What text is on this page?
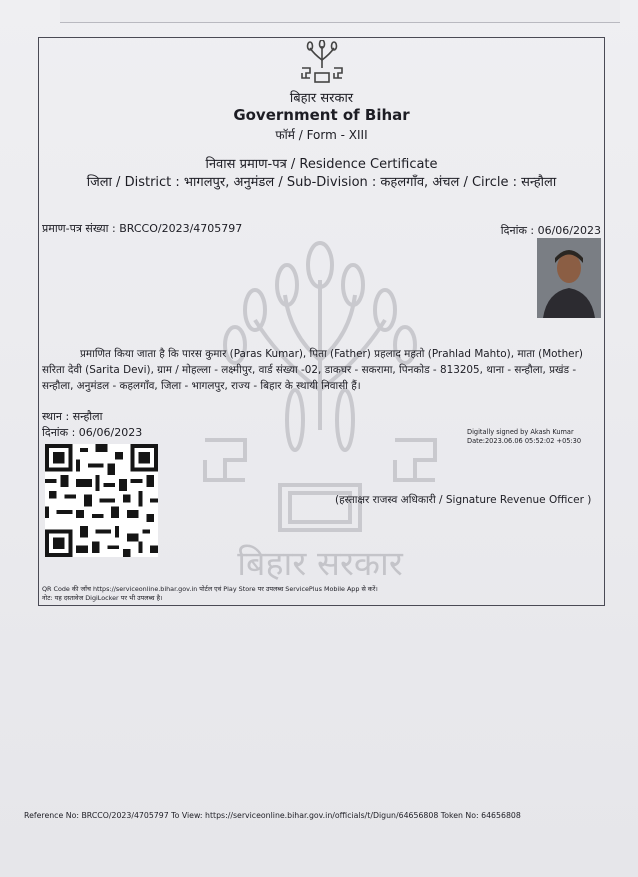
बिहार सरकार
बिहार सरकार
Government of Bihar
फॉर्म / Form - XIII
निवास प्रमाण-पत्र / Residence Certificate
जिला / District : भागलपुर, अनुमंडल / Sub-Division : कहलगाँव, अंचल / Circle : सन्हौला
प्रमाण-पत्र संख्या : BRCCO/2023/4705797	दिनांक : 06/06/2023
प्रमाणित किया जाता है कि पारस कुमार (Paras Kumar), पिता (Father) प्रहलाद महतो (Prahlad Mahto), माता (Mother) सरिता देवी (Sarita Devi), ग्राम / मोहल्ला - लक्ष्मीपुर, वार्ड संख्या -02, डाकघर - सकरामा, पिनकोड - 813205, थाना - सन्हौला, प्रखंड - सन्हौला, अनुमंडल - कहलगाँव, जिला - भागलपुर, राज्य - बिहार के स्थायी निवासी हैं।
स्थान : सन्हौला
दिनांक : 06/06/2023	Digitally signed by Akash Kumar
Date:2023.06.06 05:52:02 +05:30
(हस्ताक्षर राजस्व अधिकारी / Signature Revenue Officer )
QR Code की जाँच https://serviceonline.bihar.gov.in पोर्टल एवं Play Store पर उपलब्ध ServicePlus Mobile App से करें।
नोट: यह दस्तावेज DigiLocker पर भी उपलब्ध है।
Reference No: BRCCO/2023/4705797 To View: https://serviceonline.bihar.gov.in/officials/t/Digun/64656808 Token No: 64656808
